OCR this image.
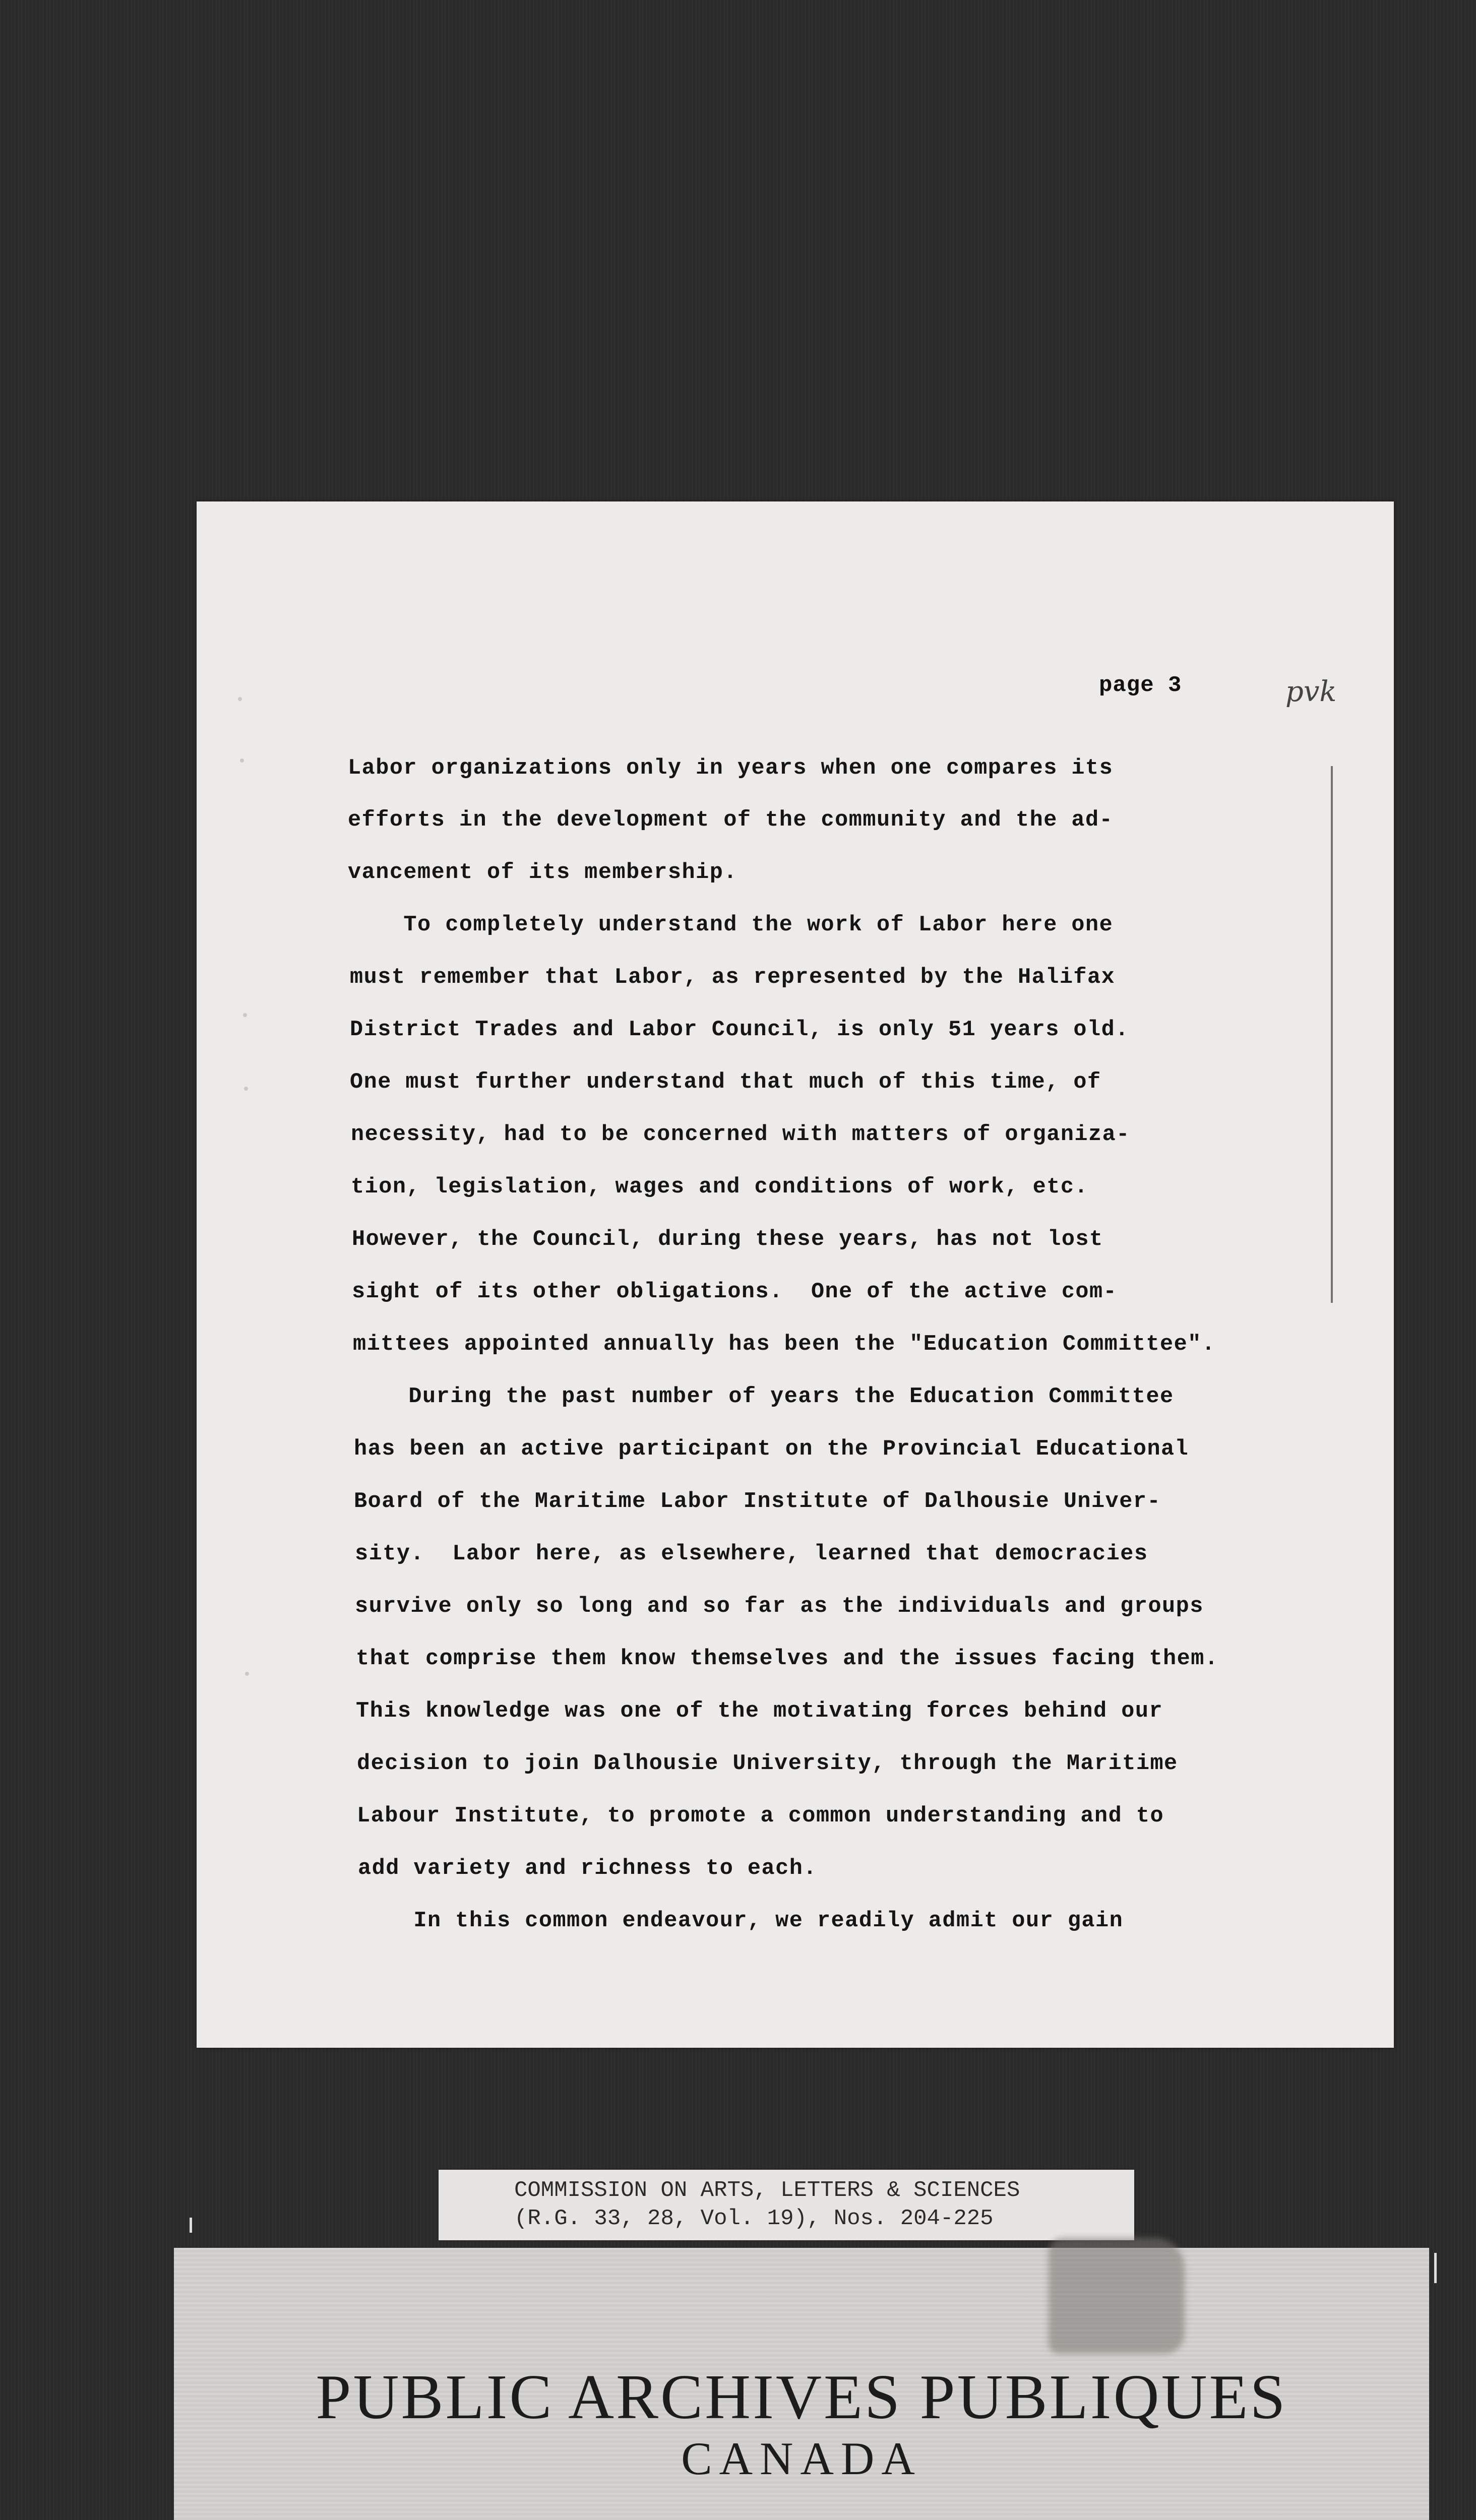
page 3	pvk
Labor organizations only in years when one compares its
efforts in the development of the community and the ad-
vancement of its membership.
To completely understand the work of Labor here one
must remember that Labor, as represented by the Halifax
District Trades and Labor Council, is only 51 years old.
One must further understand that much of this time, of
necessity, had to be concerned with matters of organiza-
tion, legislation, wages and conditions of work, etc.
However, the Council, during these years, has not lost
sight of its other obligations.  One of the active com-
mittees appointed annually has been the "Education Committee".
During the past number of years the Education Committee
has been an active participant on the Provincial Educational
Board of the Maritime Labor Institute of Dalhousie Univer-
sity.  Labor here, as elsewhere, learned that democracies
survive only so long and so far as the individuals and groups
that comprise them know themselves and the issues facing them.
This knowledge was one of the motivating forces behind our
decision to join Dalhousie University, through the Maritime
Labour Institute, to promote a common understanding and to
add variety and richness to each.
In this common endeavour, we readily admit our gain
PUBLIC ARCHIVES PUBLIQUES
CANADA
COMMISSION ON ARTS, LETTERS & SCIENCES
(R.G. 33, 28, Vol. 19), Nos. 204-225
